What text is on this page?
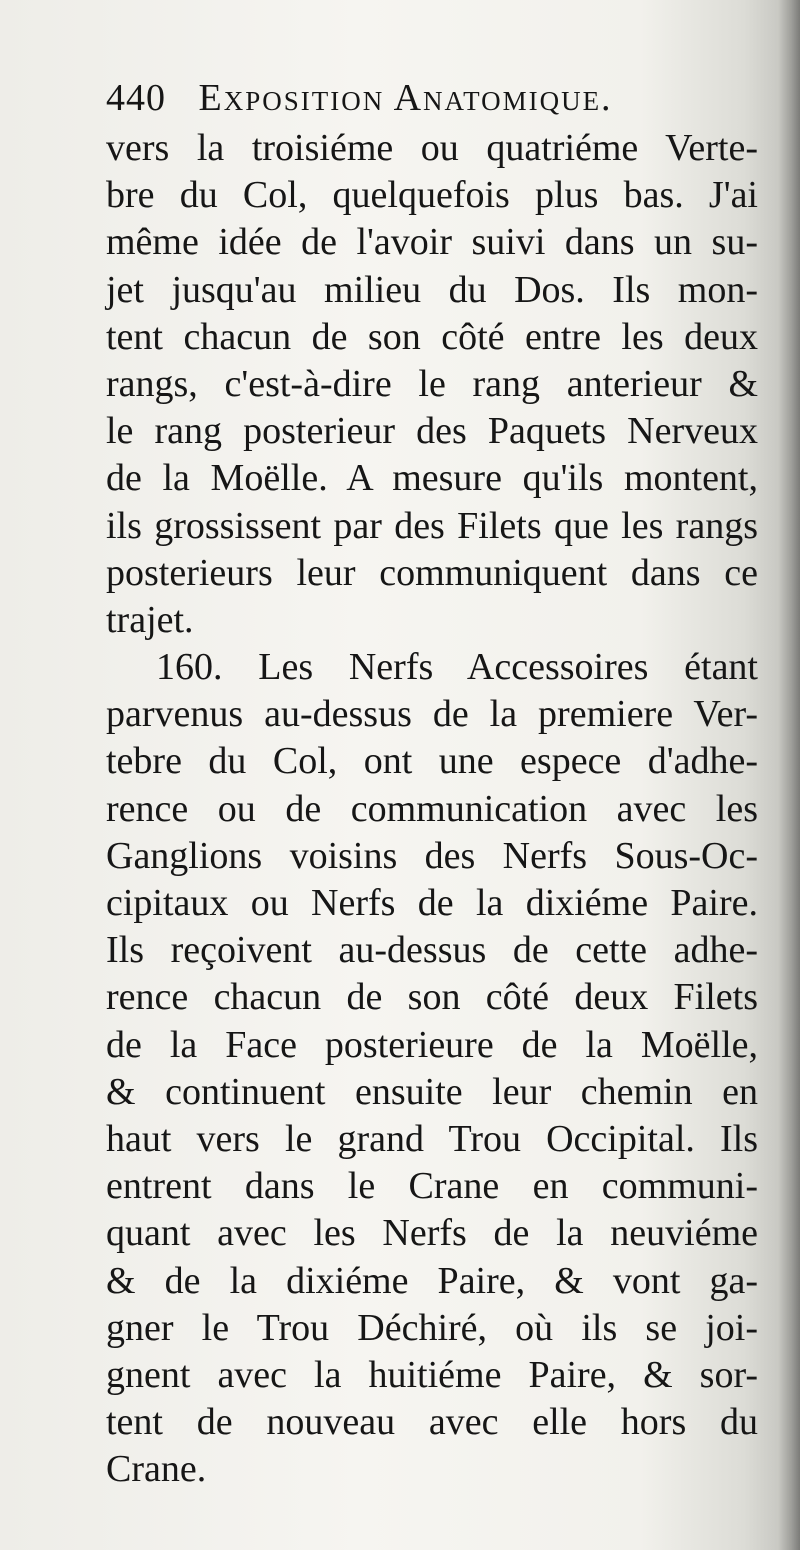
440 Exposition Anatomique.
vers la troisiéme ou quatriéme Verte-
bre du Col, quelquefois plus bas. J'ai
même idée de l'avoir suivi dans un su-
jet jusqu'au milieu du Dos. Ils mon-
tent chacun de son côté entre les deux
rangs, c'est-à-dire le rang anterieur &
le rang posterieur des Paquets Nerveux
de la Moëlle. A mesure qu'ils montent,
ils grossissent par des Filets que les rangs
posterieurs leur communiquent dans ce
trajet.
160. Les Nerfs Accessoires étant
parvenus au-dessus de la premiere Ver-
tebre du Col, ont une espece d'adhe-
rence ou de communication avec les
Ganglions voisins des Nerfs Sous-Oc-
cipitaux ou Nerfs de la dixiéme Paire.
Ils reçoivent au-dessus de cette adhe-
rence chacun de son côté deux Filets
de la Face posterieure de la Moëlle,
& continuent ensuite leur chemin en
haut vers le grand Trou Occipital. Ils
entrent dans le Crane en communi-
quant avec les Nerfs de la neuviéme
& de la dixiéme Paire, & vont ga-
gner le Trou Déchiré, où ils se joi-
gnent avec la huitiéme Paire, & sor-
tent de nouveau avec elle hors du
Crane.
